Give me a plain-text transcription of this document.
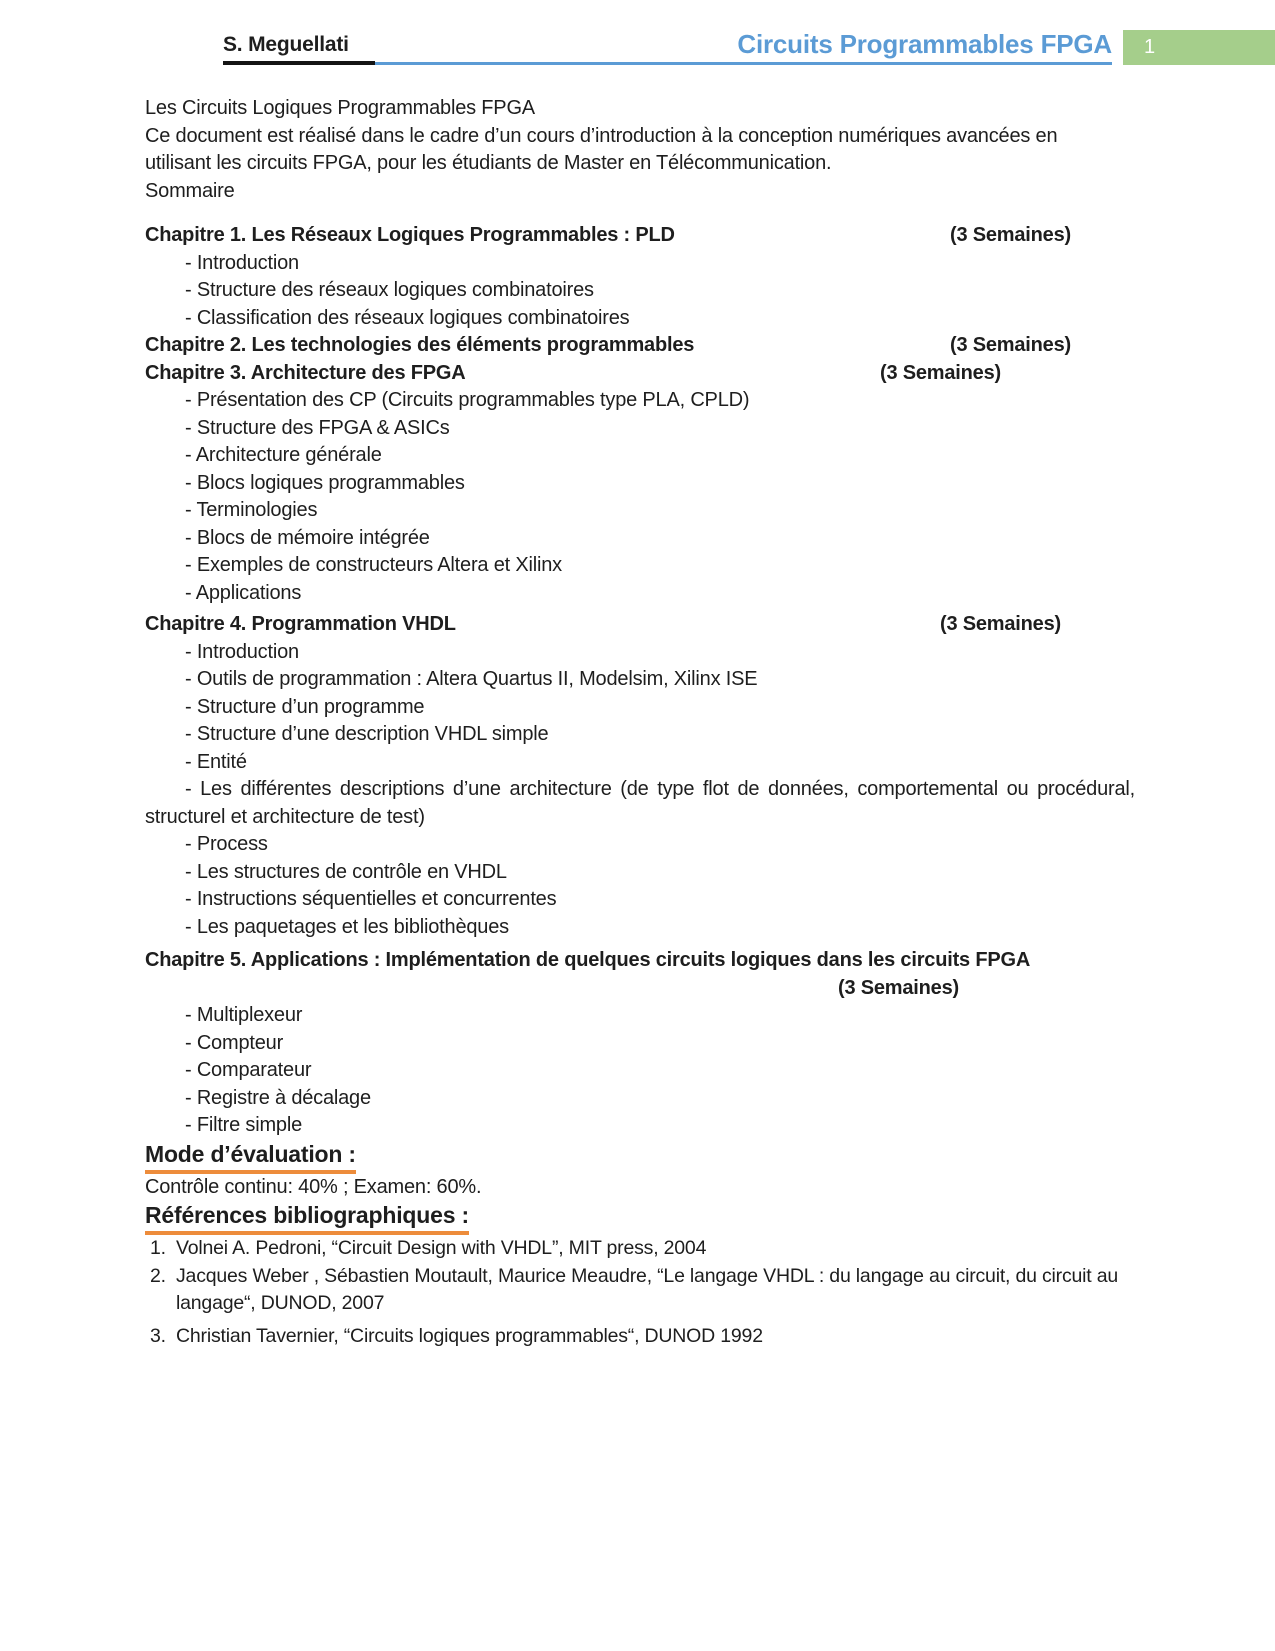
S. Meguellati	Circuits Programmables FPGA 1

Les Circuits Logiques Programmables FPGA

Ce document est réalisé dans le cadre d’un cours d’introduction à la conception numériques avancées en utilisant les circuits FPGA, pour les étudiants de Master en Télécommunication.

Sommaire

Chapitre 1. Les Réseaux Logiques Programmables : PLD	(3 Semaines)
- Introduction
- Structure des réseaux logiques combinatoires
- Classification des réseaux logiques combinatoires
Chapitre 2. Les technologies des éléments programmables	(3 Semaines)
Chapitre 3. Architecture des FPGA	(3 Semaines)
- Présentation des CP (Circuits programmables type PLA, CPLD)
- Structure des FPGA & ASICs
- Architecture générale
- Blocs logiques programmables
- Terminologies
- Blocs de mémoire intégrée
- Exemples de constructeurs Altera et Xilinx
- Applications
Chapitre 4. Programmation VHDL	(3 Semaines)
- Introduction
- Outils de programmation : Altera Quartus II, Modelsim, Xilinx ISE
- Structure d’un programme
- Structure d’une description VHDL simple
- Entité

- Les différentes descriptions d’une architecture (de type flot de données, comportemental ou procédural, structurel et architecture de test)

- Process
- Les structures de contrôle en VHDL
- Instructions séquentielles et concurrentes
- Les paquetages et les bibliothèques
Chapitre 5. Applications : Implémentation de quelques circuits logiques dans les circuits FPGA
(3 Semaines)
- Multiplexeur
- Compteur
- Comparateur
- Registre à décalage
- Filtre simple
Mode d’évaluation :

Contrôle continu: 40% ; Examen: 60%.

Références bibliographiques :
1. Volnei A. Pedroni, “Circuit Design with VHDL”, MIT press, 2004
2. Jacques Weber , Sébastien Moutault, Maurice Meaudre, “Le langage VHDL : du langage au circuit, du circuit au langage“, DUNOD, 2007
3. Christian Tavernier, “Circuits logiques programmables“, DUNOD 1992
